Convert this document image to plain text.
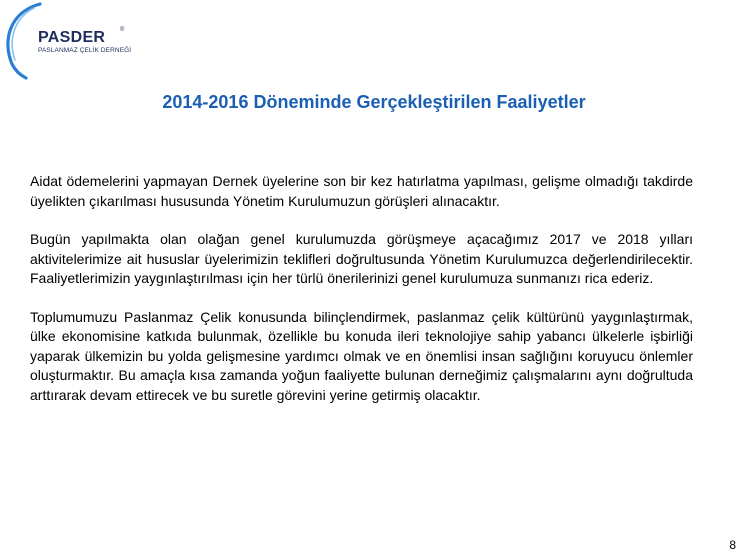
PASDER ®
PASLANMAZ ÇELİK DERNEĞİ
2014-2016 Döneminde Gerçekleştirilen Faaliyetler

Aidat ödemelerini yapmayan Dernek üyelerine son bir kez hatırlatma yapılması, gelişme olmadığı takdirde üyelikten çıkarılması hususunda Yönetim Kurulumuzun görüşleri alınacaktır.

Bugün yapılmakta olan olağan genel kurulumuzda görüşmeye açacağımız 2017 ve 2018 yılları aktivitelerimize ait hususlar üyelerimizin teklifleri doğrultusunda Yönetim Kurulumuzca değerlendirilecektir. Faaliyetlerimizin yaygınlaştırılması için her türlü önerilerinizi genel kurulumuza sunmanızı rica ederiz.

Toplumumuzu Paslanmaz Çelik konusunda bilinçlendirmek, paslanmaz çelik kültürünü yaygınlaştırmak, ülke ekonomisine katkıda bulunmak, özellikle bu konuda ileri teknolojiye sahip yabancı ülkelerle işbirliği yaparak ülkemizin bu yolda gelişmesine yardımcı olmak ve en önemlisi insan sağlığını koruyucu önlemler oluşturmaktır. Bu amaçla kısa zamanda yoğun faaliyette bulunan derneğimiz çalışmalarını aynı doğrultuda arttırarak devam ettirecek ve bu suretle görevini yerine getirmiş olacaktır.

8
